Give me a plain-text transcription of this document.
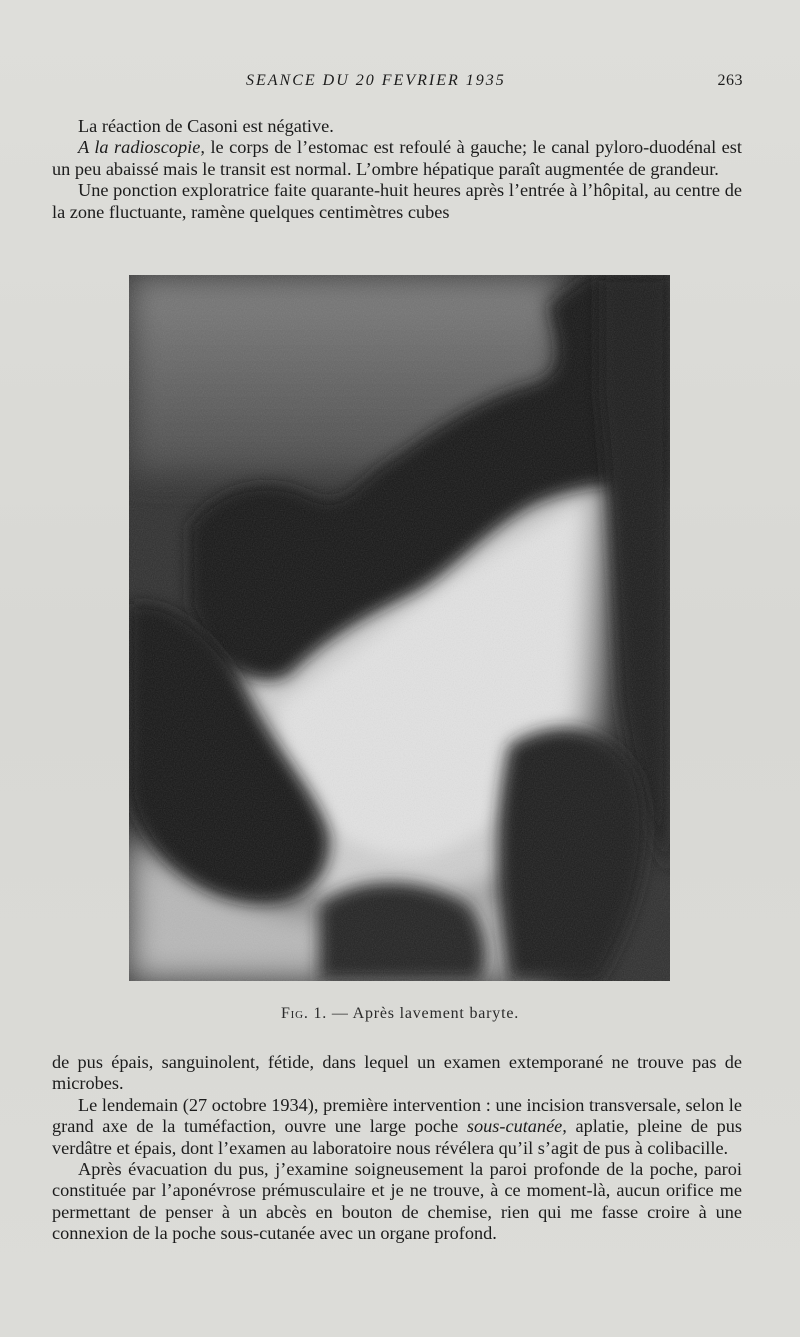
SEANCE DU 20 FEVRIER 1935	263

La réaction de Casoni est négative.

A la radioscopie, le corps de l’estomac est refoulé à gauche; le canal pyloro-duodénal est un peu abaissé mais le transit est normal. L’ombre hépatique paraît augmentée de grandeur.

Une ponction exploratrice faite quarante-huit heures après l’entrée à l’hôpital, au centre de la zone fluctuante, ramène quelques centimètres cubes

Fig. 1. — Après lavement baryte.

de pus épais, sanguinolent, fétide, dans lequel un examen extemporané ne trouve pas de microbes.

Le lendemain (27 octobre 1934), première intervention : une incision transversale, selon le grand axe de la tuméfaction, ouvre une large poche sous-cutanée, aplatie, pleine de pus verdâtre et épais, dont l’examen au laboratoire nous révélera qu’il s’agit de pus à colibacille.

Après évacuation du pus, j’examine soigneusement la paroi profonde de la poche, paroi constituée par l’aponévrose prémusculaire et je ne trouve, à ce moment-là, aucun orifice me permettant de penser à un abcès en bouton de chemise, rien qui me fasse croire à une connexion de la poche sous-cutanée avec un organe profond.
